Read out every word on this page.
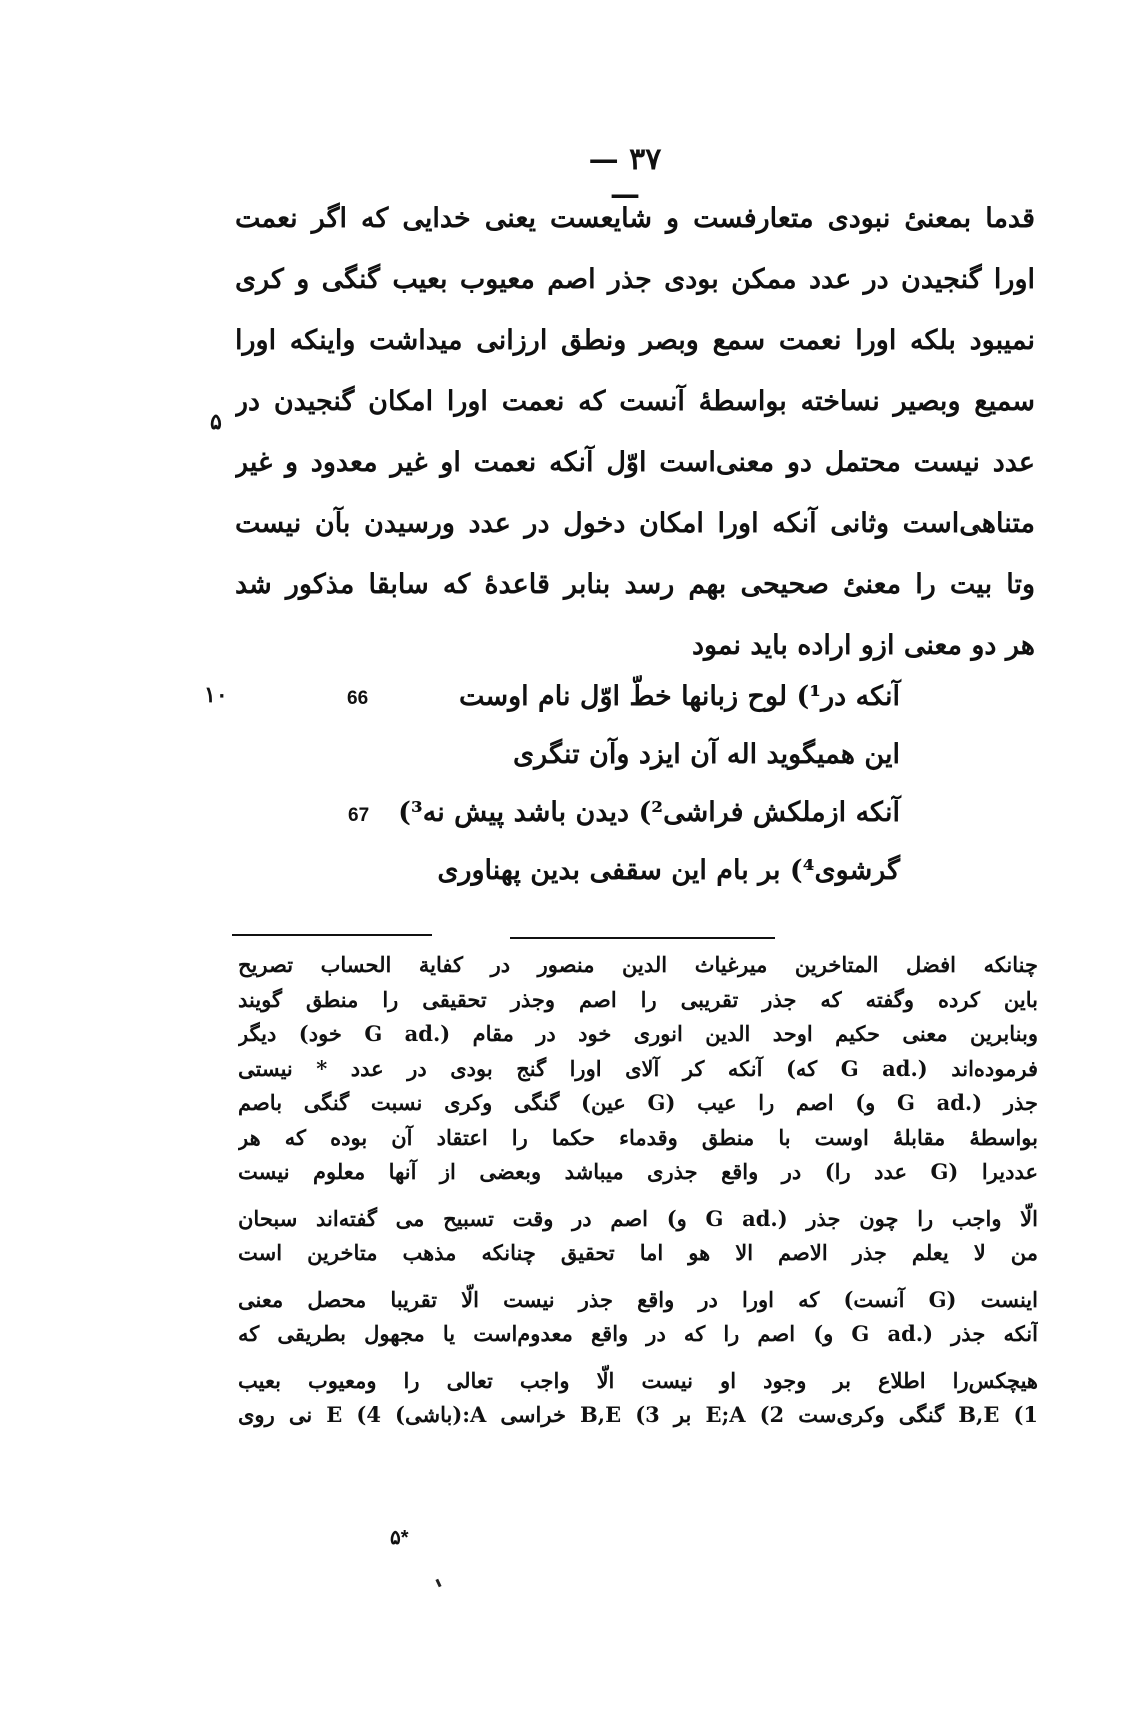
— ۳۷ —
قدما بمعنیٔ نبودی متعارفست و شایعست یعنی خدایی که اگر نعمت
اورا گنجیدن در عدد ممکن بودی جذر اصم معیوب بعیب گنگی و کری
نمیبود بلکه اورا نعمت سمع وبصر ونطق ارزانی میداشت واینکه اورا
سمیع وبصیر نساخته بواسطهٔ آنست که نعمت اورا امکان گنجیدن در
عدد نیست محتمل دو معنی‌است اوّل آنکه نعمت او غیر معدود و غیر
متناهی‌است وثانی آنکه اورا امکان دخول در عدد ورسیدن بآن نیست
وتا بیت را معنیٔ صحیحی بهم رسد بنابر قاعدهٔ که سابقا مذکور شد
هر دو معنی ازو اراده باید نمود
۵
۱۰	آنکه در¹) لوح زبانها خطّ اوّل نام اوست
این همیگوید اله آن ایزد وآن تنگری
آنکه ازملکش فراشی²) دیدن باشد پیش نه³)
گرشوی⁴) بر بام این سقفی بدین پهناوری
66
67
چنانکه افضل المتاخرین میرغیاث الدین منصور در کفایة الحساب تصریح
باین کرده وگفته که جذر تقریبی را اصم وجذر تحقیقی را منطق گویند
وبنابرین معنی حکیم اوحد الدین انوری خود در مقام (.G ad خود) دیگر
فرموده‌اند (.G ad که) آنکه کر آلای اورا گنج بودی در عدد * نیستی
جذر (.G ad و) اصم را عیب (G عین) گنگی وکری نسبت گنگی باصم
بواسطهٔ مقابلهٔ اوست با منطق وقدماء حکما را اعتقاد آن بوده که هر
عددیرا (G عدد را) در واقع جذری میباشد وبعضی از آنها معلوم نیست
الّا واجب را چون جذر (.G ad و) اصم در وقت تسبیح می گفته‌اند سبحان
من لا یعلم جذر الاصم الا هو اما تحقیق چنانکه مذهب متاخرین است
اینست (G آنست) که اورا در واقع جذر نیست الّا تقریبا محصل معنی
آنکه جذر (.G ad و) اصم را که در واقع معدوم‌است یا مجهول بطریقی که
هیچکس‌را اطلاع بر وجود او نیست الّا واجب تعالی را ومعیوب بعیب
B,E (1 گنگی وکری‌ست E;A (2 بر B,E (3 خراسی A:(باشی) E (4 نی روی
۵*
